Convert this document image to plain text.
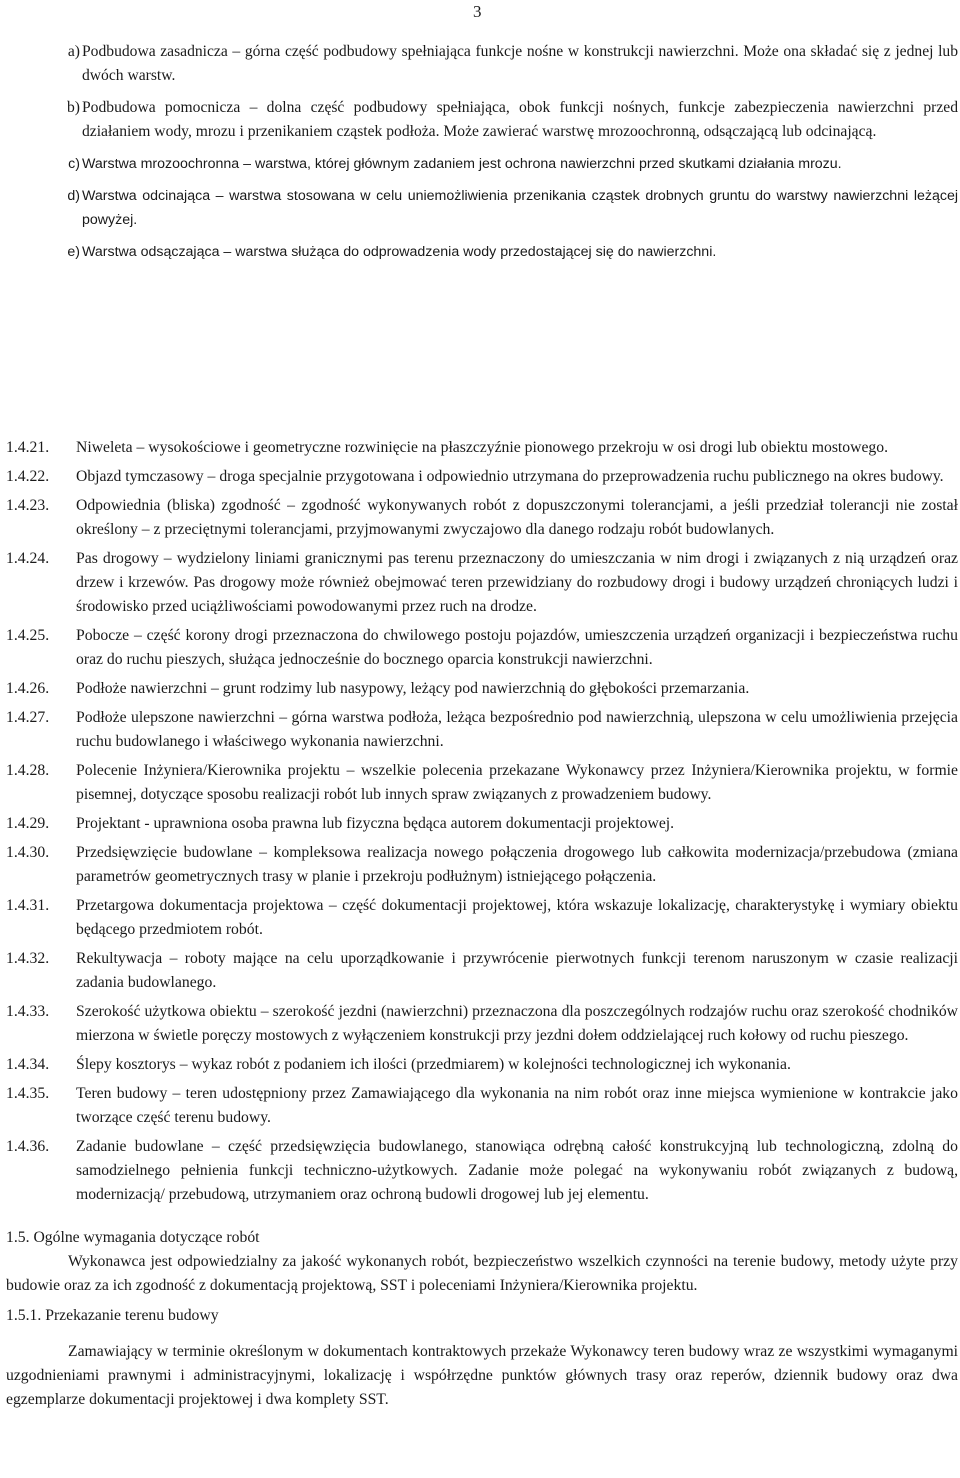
3
a) Podbudowa zasadnicza – górna część podbudowy spełniająca funkcje nośne w konstrukcji nawierzchni. Może ona składać się z jednej lub dwóch warstw.
b) Podbudowa pomocnicza – dolna część podbudowy spełniająca, obok funkcji nośnych, funkcje zabezpieczenia nawierzchni przed działaniem wody, mrozu i przenikaniem cząstek podłoża. Może zawierać warstwę mrozoochronną, odsączającą lub odcinającą.
c) Warstwa mrozoochronna – warstwa, której głównym zadaniem jest ochrona nawierzchni przed skutkami działania mrozu.
d) Warstwa odcinająca – warstwa stosowana w celu uniemożliwienia przenikania cząstek drobnych gruntu do warstwy nawierzchni leżącej powyżej.
e) Warstwa odsączająca – warstwa służąca do odprowadzenia wody przedostającej się do nawierzchni.
1.4.21.	Niweleta – wysokościowe i geometryczne rozwinięcie na płaszczyźnie pionowego przekroju w osi drogi lub obiektu mostowego.
1.4.22.	Objazd tymczasowy – droga specjalnie przygotowana i odpowiednio utrzymana do przeprowadzenia ruchu publicznego na okres budowy.
1.4.23.	Odpowiednia (bliska) zgodność – zgodność wykonywanych robót z dopuszczonymi tolerancjami, a jeśli przedział tolerancji nie został określony – z przeciętnymi tolerancjami, przyjmowanymi zwyczajowo dla danego rodzaju robót budowlanych.
1.4.24.	Pas drogowy – wydzielony liniami granicznymi pas terenu przeznaczony do umieszczania w nim drogi i związanych z nią urządzeń oraz drzew i krzewów. Pas drogowy może również obejmować teren przewidziany do rozbudowy drogi i budowy urządzeń chroniących ludzi i środowisko przed uciążliwościami powodowanymi przez ruch na drodze.
1.4.25.	Pobocze – część korony drogi przeznaczona do chwilowego postoju pojazdów, umieszczenia urządzeń organizacji i bezpieczeństwa ruchu oraz do ruchu pieszych, służąca jednocześnie do bocznego oparcia konstrukcji nawierzchni.
1.4.26.	Podłoże nawierzchni – grunt rodzimy lub nasypowy, leżący pod nawierzchnią do głębokości przemarzania.
1.4.27.	Podłoże ulepszone nawierzchni – górna warstwa podłoża, leżąca bezpośrednio pod nawierzchnią, ulepszona w celu umożliwienia przejęcia ruchu budowlanego i właściwego wykonania nawierzchni.
1.4.28.	Polecenie Inżyniera/Kierownika projektu – wszelkie polecenia przekazane Wykonawcy przez Inżyniera/Kierownika projektu, w formie pisemnej, dotyczące sposobu realizacji robót lub innych spraw związanych z prowadzeniem budowy.
1.4.29.	Projektant - uprawniona osoba prawna lub fizyczna będąca autorem dokumentacji projektowej.
1.4.30.	Przedsięwzięcie budowlane – kompleksowa realizacja nowego połączenia drogowego lub całkowita modernizacja/przebudowa (zmiana parametrów geometrycznych trasy w planie i przekroju podłużnym) istniejącego połączenia.
1.4.31.	Przetargowa dokumentacja projektowa – część dokumentacji projektowej, która wskazuje lokalizację, charakterystykę i wymiary obiektu będącego przedmiotem robót.
1.4.32.	Rekultywacja – roboty mające na celu uporządkowanie i przywrócenie pierwotnych funkcji terenom naruszonym w czasie realizacji zadania budowlanego.
1.4.33.	Szerokość użytkowa obiektu – szerokość jezdni (nawierzchni) przeznaczona dla poszczególnych rodzajów ruchu oraz szerokość chodników mierzona w świetle poręczy mostowych z wyłączeniem konstrukcji przy jezdni dołem oddzielającej ruch kołowy od ruchu pieszego.
1.4.34.	Ślepy kosztorys – wykaz robót z podaniem ich ilości (przedmiarem) w kolejności technologicznej ich wykonania.
1.4.35.	Teren budowy – teren udostępniony przez Zamawiającego dla wykonania na nim robót oraz inne miejsca wymienione w kontrakcie jako tworzące część terenu budowy.
1.4.36.	Zadanie budowlane – część przedsięwzięcia budowlanego, stanowiąca odrębną całość konstrukcyjną lub technologiczną, zdolną do samodzielnego pełnienia funkcji techniczno-użytkowych. Zadanie może polegać na wykonywaniu robót związanych z budową, modernizacją/ przebudową, utrzymaniem oraz ochroną budowli drogowej lub jej elementu.

1.5. Ogólne wymagania dotyczące robót

Wykonawca jest odpowiedzialny za jakość wykonanych robót, bezpieczeństwo wszelkich czynności na terenie budowy, metody użyte przy budowie oraz za ich zgodność z dokumentacją projektową, SST i poleceniami Inżyniera/Kierownika projektu.

1.5.1. Przekazanie terenu budowy

Zamawiający w terminie określonym w dokumentach kontraktowych przekaże Wykonawcy teren budowy wraz ze wszystkimi wymaganymi uzgodnieniami prawnymi i administracyjnymi, lokalizację i współrzędne punktów głównych trasy oraz reperów, dziennik budowy oraz dwa egzemplarze dokumentacji projektowej i dwa komplety SST.
